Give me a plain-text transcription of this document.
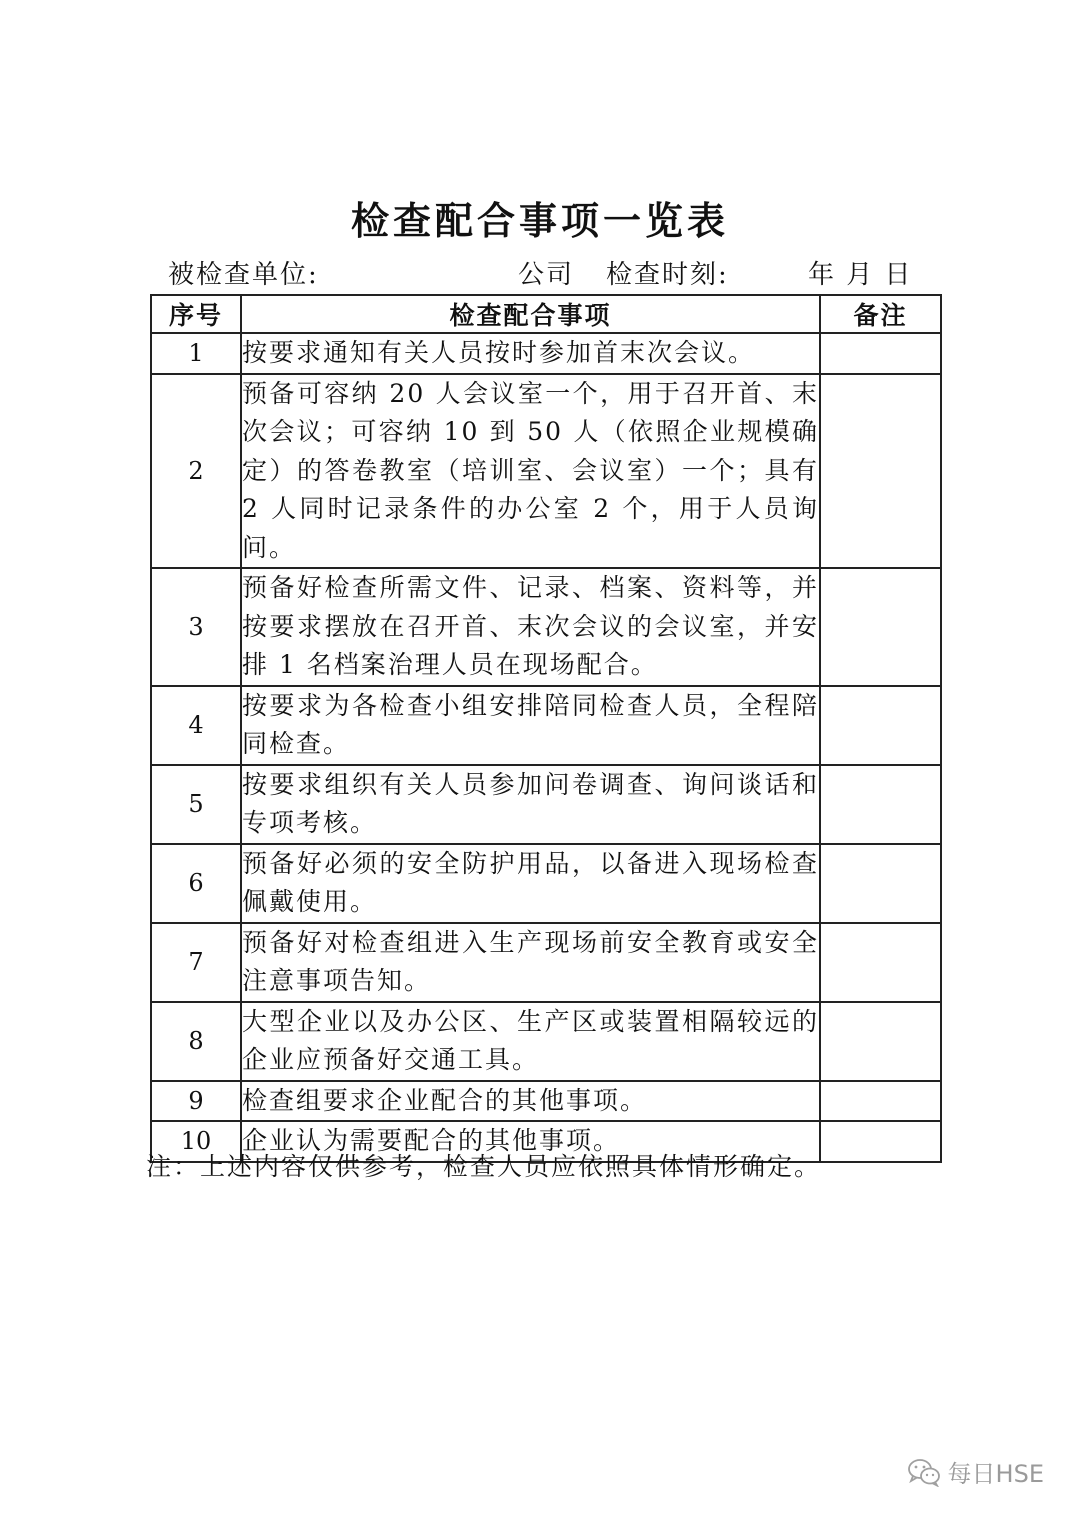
检查配合事项一览表
被检查单位:	公司 检查时刻:	年 月 日
序号	检查配合事项	备注
1	按要求通知有关人员按时参加首末次会议。	
2	预备可容纳 20 人会议室一个，用于召开首、末次会议；可容纳 10 到 50 人（依照企业规模确定）的答卷教室（培训室、会议室）一个；具有 2 人同时记录条件的办公室 2 个，用于人员询问。	
3	预备好检查所需文件、记录、档案、资料等，并按要求摆放在召开首、末次会议的会议室，并安排 1 名档案治理人员在现场配合。	
4	按要求为各检查小组安排陪同检查人员，全程陪同检查。	
5	按要求组织有关人员参加问卷调查、询问谈话和专项考核。	
6	预备好必须的安全防护用品，以备进入现场检查佩戴使用。	
7	预备好对检查组进入生产现场前安全教育或安全注意事项告知。	
8	大型企业以及办公区、生产区或装置相隔较远的企业应预备好交通工具。	
9	检查组要求企业配合的其他事项。	
10	企业认为需要配合的其他事项。	
注：上述内容仅供参考，检查人员应依照具体情形确定。
每日HSE
